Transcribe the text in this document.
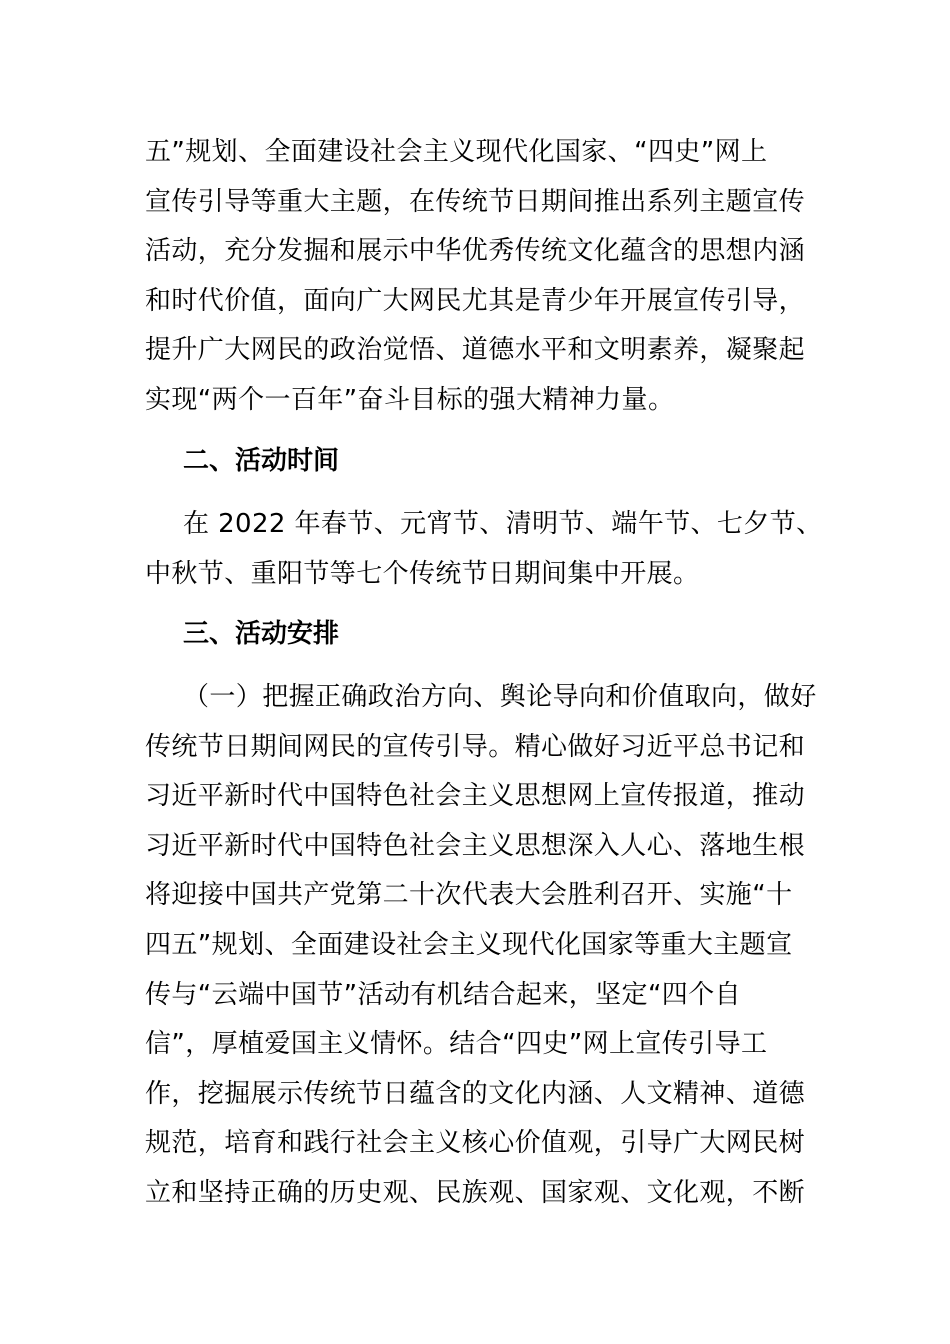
五”规划、全面建设社会主义现代化国家、“四史”网上
宣传引导等重大主题，在传统节日期间推出系列主题宣传
活动，充分发掘和展示中华优秀传统文化蕴含的思想内涵
和时代价值，面向广大网民尤其是青少年开展宣传引导，
提升广大网民的政治觉悟、道德水平和文明素养，凝聚起
实现“两个一百年”奋斗目标的强大精神力量。
二、活动时间
在 2022 年春节、元宵节、清明节、端午节、七夕节、
中秋节、重阳节等七个传统节日期间集中开展。
三、活动安排
（一）把握正确政治方向、舆论导向和价值取向，做好
传统节日期间网民的宣传引导。精心做好习近平总书记和
习近平新时代中国特色社会主义思想网上宣传报道，推动
习近平新时代中国特色社会主义思想深入人心、落地生根
将迎接中国共产党第二十次代表大会胜利召开、实施“十
四五”规划、全面建设社会主义现代化国家等重大主题宣
传与“云端中国节”活动有机结合起来，坚定“四个自
信”，厚植爱国主义情怀。结合“四史”网上宣传引导工
作，挖掘展示传统节日蕴含的文化内涵、人文精神、道德
规范，培育和践行社会主义核心价值观，引导广大网民树
立和坚持正确的历史观、民族观、国家观、文化观，不断
